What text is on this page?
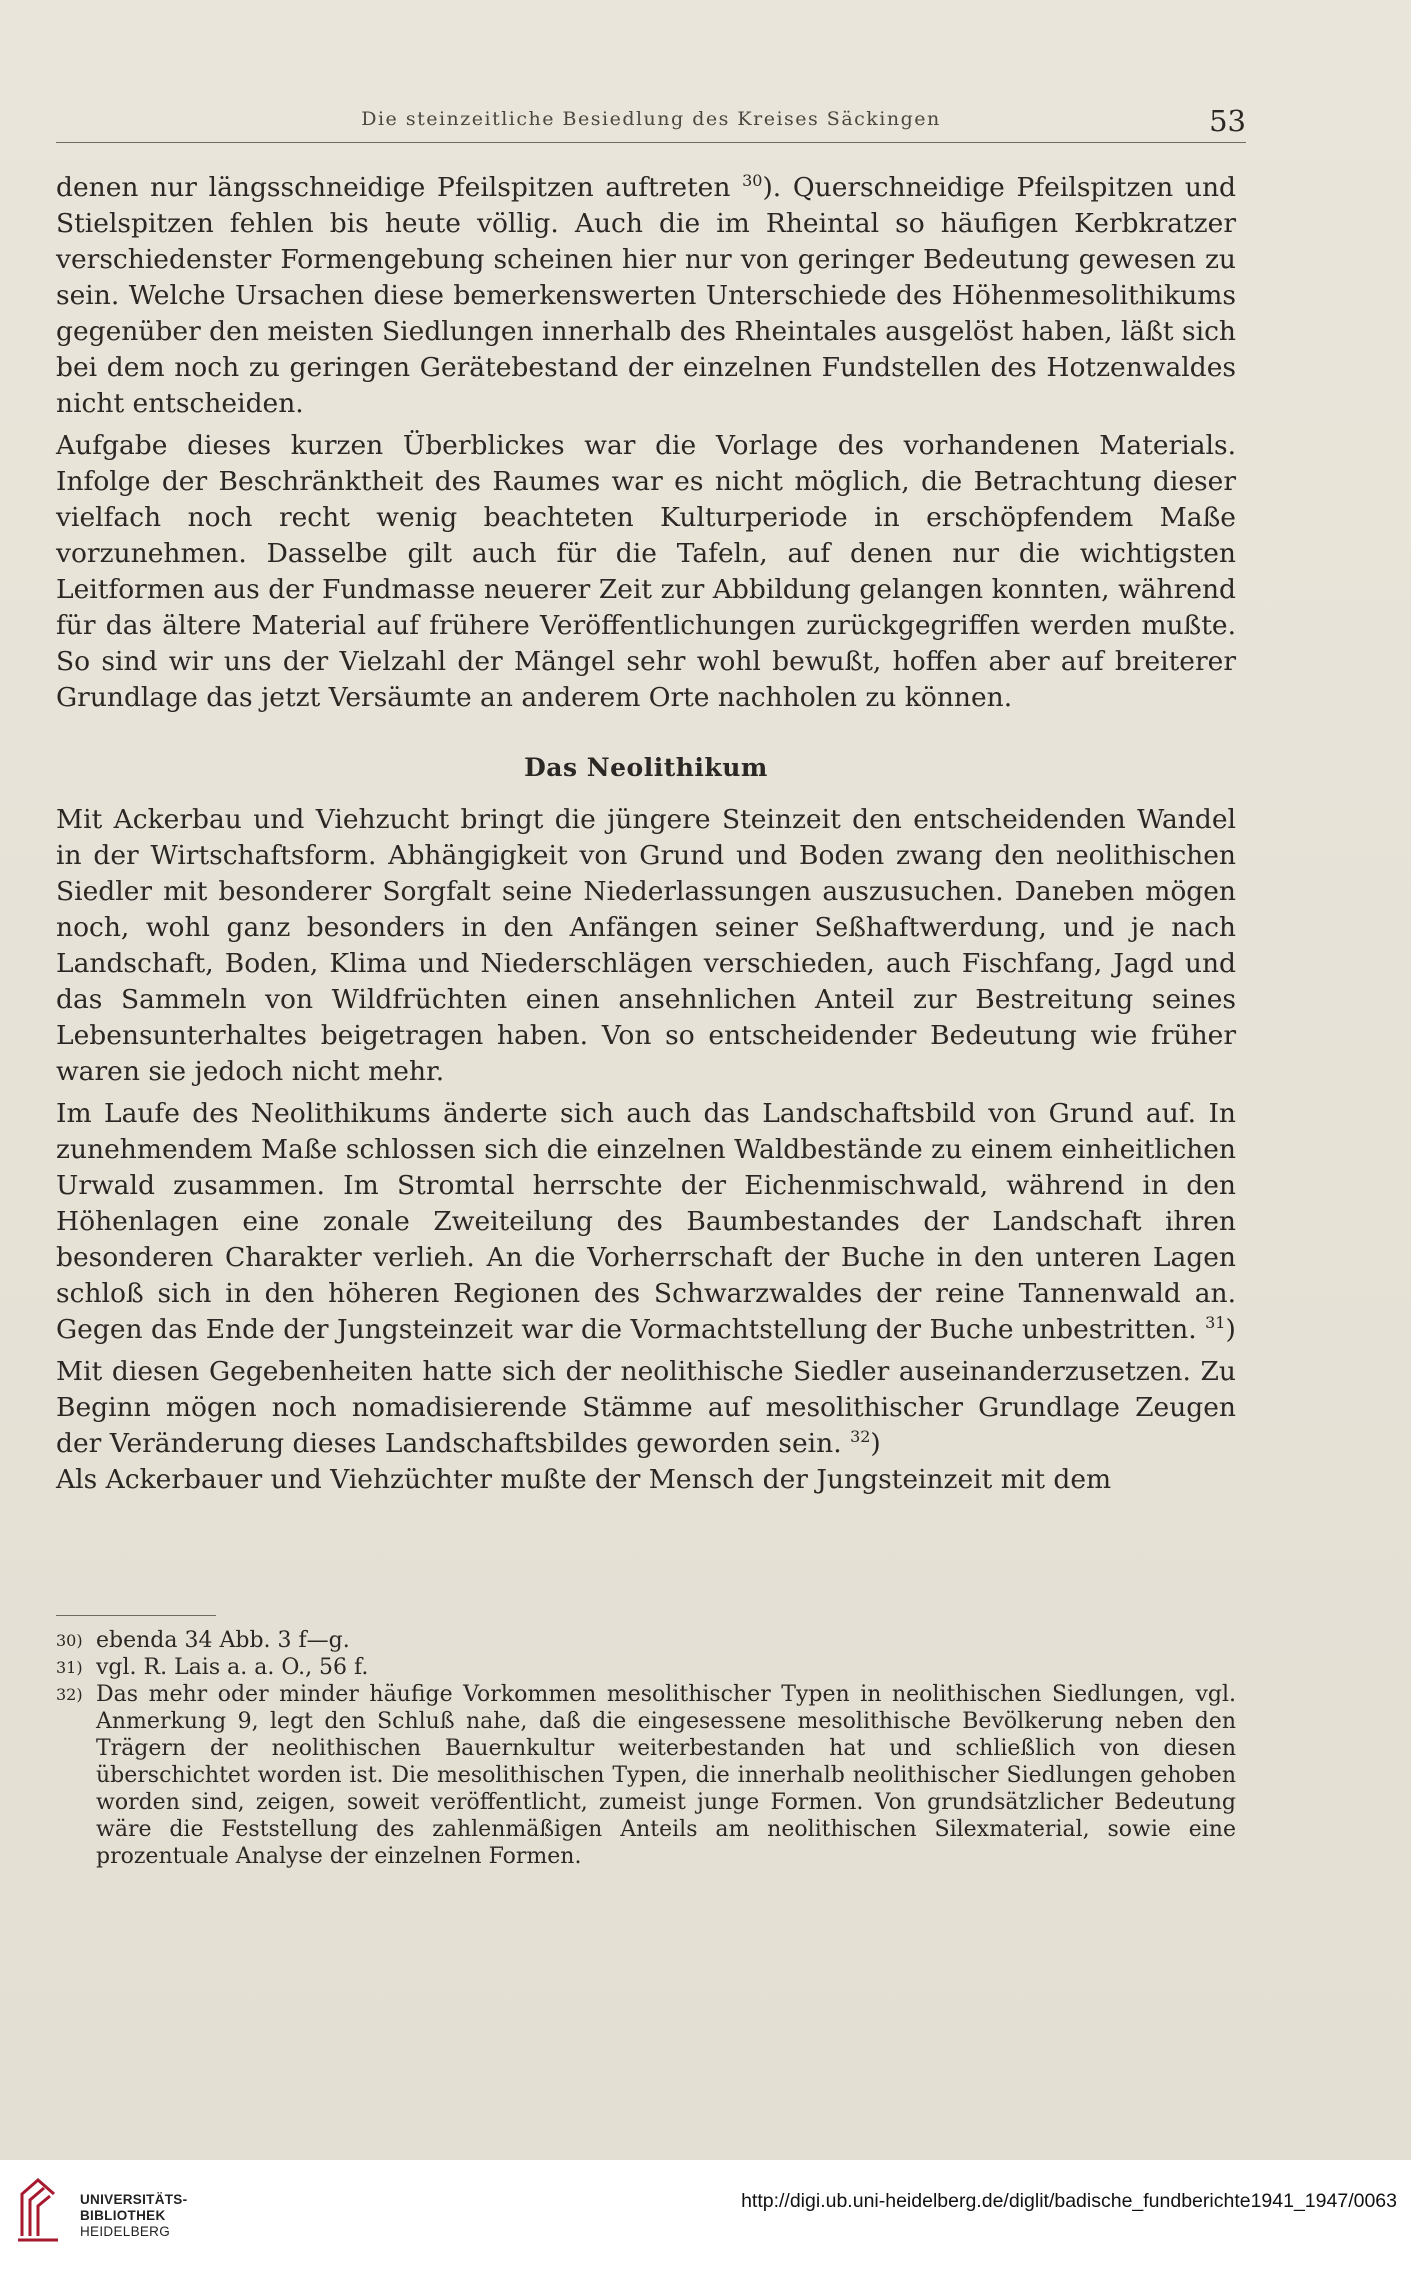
Die steinzeitliche Besiedlung des Kreises Säckingen	53

denen nur längsschneidige Pfeilspitzen auftreten $^{30}$). Querschneidige Pfeilspitzen und Stielspitzen fehlen bis heute völlig. Auch die im Rheintal so häufigen Kerbkratzer verschiedenster Formengebung scheinen hier nur von geringer Bedeutung gewesen zu sein. Welche Ursachen diese bemerkenswerten Unterschiede des Höhenmesolithikums gegenüber den meisten Siedlungen innerhalb des Rheintales ausgelöst haben, läßt sich bei dem noch zu geringen Gerätebestand der einzelnen Fundstellen des Hotzenwaldes nicht entscheiden.

Aufgabe dieses kurzen Überblickes war die Vorlage des vorhandenen Materials. Infolge der Beschränktheit des Raumes war es nicht möglich, die Betrachtung dieser vielfach noch recht wenig beachteten Kulturperiode in erschöpfendem Maße vorzunehmen. Dasselbe gilt auch für die Tafeln, auf denen nur die wichtigsten Leitformen aus der Fundmasse neuerer Zeit zur Abbildung gelangen konnten, während für das ältere Material auf frühere Veröffentlichungen zurückgegriffen werden mußte. So sind wir uns der Vielzahl der Mängel sehr wohl bewußt, hoffen aber auf breiterer Grundlage das jetzt Versäumte an anderem Orte nachholen zu können.

Das Neolithikum

Mit Ackerbau und Viehzucht bringt die jüngere Steinzeit den entscheidenden Wandel in der Wirtschaftsform. Abhängigkeit von Grund und Boden zwang den neolithischen Siedler mit besonderer Sorgfalt seine Niederlassungen auszusuchen. Daneben mögen noch, wohl ganz besonders in den Anfängen seiner Seßhaftwerdung, und je nach Landschaft, Boden, Klima und Niederschlägen verschieden, auch Fischfang, Jagd und das Sammeln von Wildfrüchten einen ansehnlichen Anteil zur Bestreitung seines Lebensunterhaltes beigetragen haben. Von so entscheidender Bedeutung wie früher waren sie jedoch nicht mehr.

Im Laufe des Neolithikums änderte sich auch das Landschaftsbild von Grund auf. In zunehmendem Maße schlossen sich die einzelnen Waldbestände zu einem einheitlichen Urwald zusammen. Im Stromtal herrschte der Eichenmischwald, während in den Höhenlagen eine zonale Zweiteilung des Baumbestandes der Landschaft ihren besonderen Charakter verlieh. An die Vorherrschaft der Buche in den unteren Lagen schloß sich in den höheren Regionen des Schwarzwaldes der reine Tannenwald an. Gegen das Ende der Jungsteinzeit war die Vormachtstellung der Buche unbestritten. $^{31}$)

Mit diesen Gegebenheiten hatte sich der neolithische Siedler auseinanderzusetzen. Zu Beginn mögen noch nomadisierende Stämme auf mesolithischer Grundlage Zeugen der Veränderung dieses Landschaftsbildes geworden sein. $^{32}$)

Als Ackerbauer und Viehzüchter mußte der Mensch der Jungsteinzeit mit dem

30) ebenda 34 Abb. 3 f—g.
31) vgl. R. Lais a. a. O., 56 f.
32) Das mehr oder minder häufige Vorkommen mesolithischer Typen in neolithischen Siedlungen, vgl. Anmerkung 9, legt den Schluß nahe, daß die eingesessene mesolithische Bevölkerung neben den Trägern der neolithischen Bauernkultur weiterbestanden hat und schließlich von diesen überschichtet worden ist. Die mesolithischen Typen, die innerhalb neolithischer Siedlungen gehoben worden sind, zeigen, soweit veröffentlicht, zumeist junge Formen. Von grundsätzlicher Bedeutung wäre die Feststellung des zahlenmäßigen Anteils am neolithischen Silexmaterial, sowie eine prozentuale Analyse der einzelnen Formen.
UNIVERSITÄTS-
BIBLIOTHEK
HEIDELBERG
http://digi.ub.uni-heidelberg.de/diglit/badische_fundberichte1941_1947/0063
